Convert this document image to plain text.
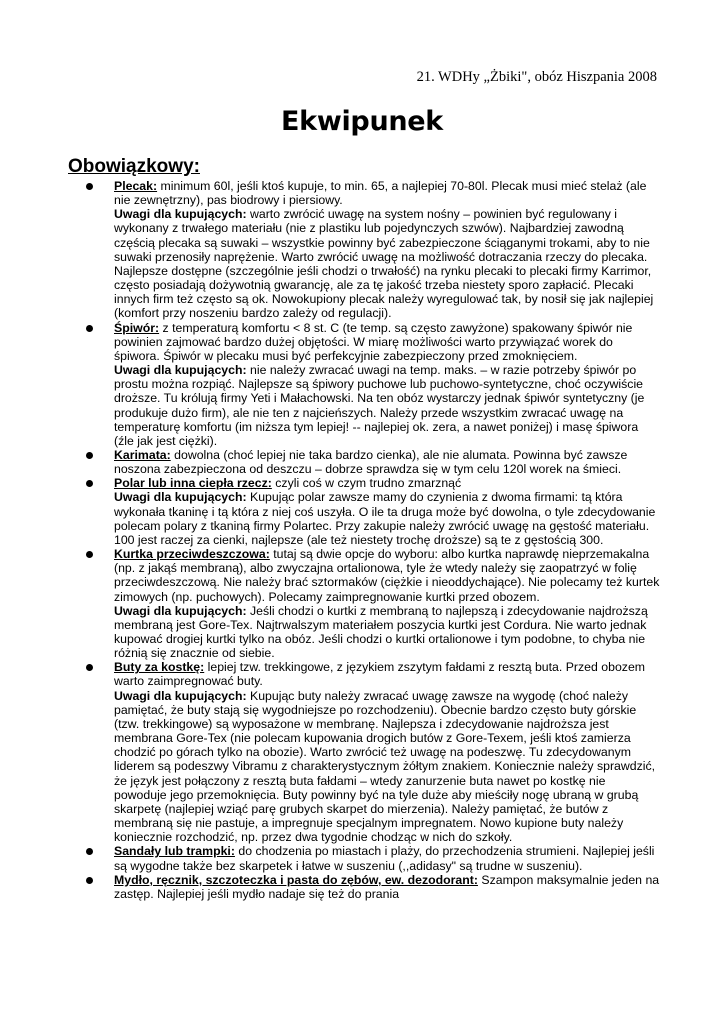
21. WDHy „Żbiki", obóz Hiszpania 2008
Ekwipunek
Obowiązkowy:
Plecak: minimum 60l, jeśli ktoś kupuje, to min. 65, a najlepiej 70-80l. Plecak musi mieć stelaż (ale nie zewnętrzny), pas biodrowy i piersiowy.
Uwagi dla kupujących: warto zwrócić uwagę na system nośny – powinien być regulowany i wykonany z trwałego materiału (nie z plastiku lub pojedynczych szwów). Najbardziej zawodną częścią plecaka są suwaki – wszystkie powinny być zabezpieczone ściąganymi trokami, aby to nie suwaki przenosiły naprężenie. Warto zwrócić uwagę na możliwość dotraczania rzeczy do plecaka. Najlepsze dostępne (szczególnie jeśli chodzi o trwałość) na rynku plecaki to plecaki firmy Karrimor, często posiadają dożywotnią gwarancję, ale za tę jakość trzeba niestety sporo zapłacić. Plecaki innych firm też często są ok. Nowokupiony plecak należy wyregulować tak, by nosił się jak najlepiej (komfort przy noszeniu bardzo zależy od regulacji).
Śpiwór: z temperaturą komfortu < 8 st. C (te temp. są często zawyżone) spakowany śpiwór nie powinien zajmować bardzo dużej objętości. W miarę możliwości warto przywiązać worek do śpiwora. Śpiwór w plecaku musi być perfekcyjnie zabezpieczony przed zmoknięciem.
Uwagi dla kupujących: nie należy zwracać uwagi na temp. maks. – w razie potrzeby śpiwór po prostu można rozpiąć. Najlepsze są śpiwory puchowe lub puchowo-syntetyczne, choć oczywiście droższe. Tu królują firmy Yeti i Małachowski. Na ten obóz wystarczy jednak śpiwór syntetyczny (je produkuje dużo firm), ale nie ten z najcieńszych. Należy przede wszystkim zwracać uwagę na temperaturę komfortu (im niższa tym lepiej! -- najlepiej ok. zera, a nawet poniżej) i masę śpiwora (źle jak jest ciężki).
Karimata: dowolna (choć lepiej nie taka bardzo cienka), ale nie alumata. Powinna być zawsze noszona zabezpieczona od deszczu – dobrze sprawdza się w tym celu 120l worek na śmieci.
Polar lub inna ciepła rzecz: czyli coś w czym trudno zmarznąć
Uwagi dla kupujących: Kupując polar zawsze mamy do czynienia z dwoma firmami: tą która wykonała tkaninę i tą która z niej coś uszyła. O ile ta druga może być dowolna, o tyle zdecydowanie polecam polary z tkaniną firmy Polartec. Przy zakupie należy zwrócić uwagę na gęstość materiału. 100 jest raczej za cienki, najlepsze (ale też niestety trochę droższe) są te z gęstością 300.
Kurtka przeciwdeszczowa: tutaj są dwie opcje do wyboru: albo kurtka naprawdę nieprzemakalna (np. z jakąś membraną), albo zwyczajna ortalionowa, tyle że wtedy należy się zaopatrzyć w folię przeciwdeszczową. Nie należy brać sztormaków (ciężkie i nieoddychające). Nie polecamy też kurtek zimowych (np. puchowych). Polecamy zaimpregnowanie kurtki przed obozem.
Uwagi dla kupujących: Jeśli chodzi o kurtki z membraną to najlepszą i zdecydowanie najdroższą membraną jest Gore-Tex. Najtrwalszym materiałem poszycia kurtki jest Cordura. Nie warto jednak kupować drogiej kurtki tylko na obóz. Jeśli chodzi o kurtki ortalionowe i tym podobne, to chyba nie różnią się znacznie od siebie.
Buty za kostkę: lepiej tzw. trekkingowe, z językiem zszytym fałdami z resztą buta. Przed obozem warto zaimpregnować buty.
Uwagi dla kupujących: Kupując buty należy zwracać uwagę zawsze na wygodę (choć należy pamiętać, że buty stają się wygodniejsze po rozchodzeniu). Obecnie bardzo często buty górskie (tzw. trekkingowe) są wyposażone w membranę. Najlepsza i zdecydowanie najdroższa jest membrana Gore-Tex (nie polecam kupowania drogich butów z Gore-Texem, jeśli ktoś zamierza chodzić po górach tylko na obozie). Warto zwrócić też uwagę na podeszwę. Tu zdecydowanym liderem są podeszwy Vibramu z charakterystycznym żółtym znakiem. Koniecznie należy sprawdzić, że język jest połączony z resztą buta fałdami – wtedy zanurzenie buta nawet po kostkę nie powoduje jego przemoknięcia. Buty powinny być na tyle duże aby mieściły nogę ubraną w grubą skarpetę (najlepiej wziąć parę grubych skarpet do mierzenia). Należy pamiętać, że butów z membraną się nie pastuje, a impregnuje specjalnym impregnatem. Nowo kupione buty należy koniecznie rozchodzić, np. przez dwa tygodnie chodząc w nich do szkoły.
Sandały lub trampki: do chodzenia po miastach i plaży, do przechodzenia strumieni. Najlepiej jeśli są wygodne także bez skarpetek i łatwe w suszeniu (,,adidasy" są trudne w suszeniu).
Mydło, ręcznik, szczoteczka i pasta do zębów, ew. dezodorant: Szampon maksymalnie jeden na zastęp. Najlepiej jeśli mydło nadaje się też do prania
